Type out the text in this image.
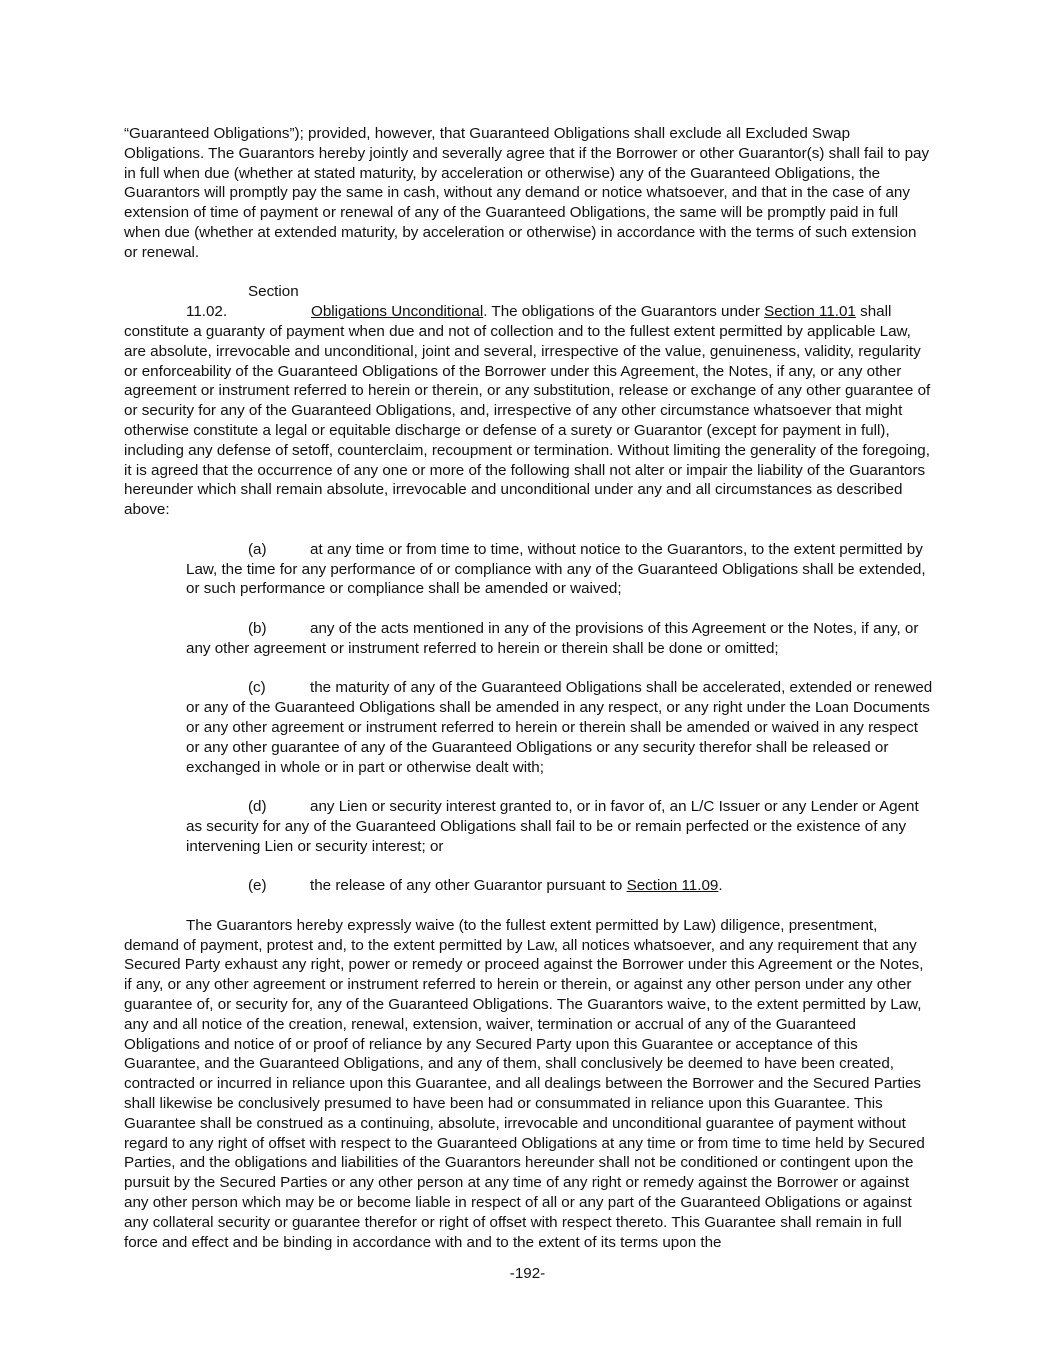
“Guaranteed Obligations”); provided, however, that Guaranteed Obligations shall exclude all Excluded Swap Obligations. The Guarantors hereby jointly and severally agree that if the Borrower or other Guarantor(s) shall fail to pay in full when due (whether at stated maturity, by acceleration or otherwise) any of the Guaranteed Obligations, the Guarantors will promptly pay the same in cash, without any demand or notice whatsoever, and that in the case of any extension of time of payment or renewal of any of the Guaranteed Obligations, the same will be promptly paid in full when due (whether at extended maturity, by acceleration or otherwise) in accordance with the terms of such extension or renewal.

Section 11.02.	Obligations Unconditional. The obligations of the Guarantors under Section 11.01 shall constitute a guaranty of payment when due and not of collection and to the fullest extent permitted by applicable Law, are absolute, irrevocable and unconditional, joint and several, irrespective of the value, genuineness, validity, regularity or enforceability of the Guaranteed Obligations of the Borrower under this Agreement, the Notes, if any, or any other agreement or instrument referred to herein or therein, or any substitution, release or exchange of any other guarantee of or security for any of the Guaranteed Obligations, and, irrespective of any other circumstance whatsoever that might otherwise constitute a legal or equitable discharge or defense of a surety or Guarantor (except for payment in full), including any defense of setoff, counterclaim, recoupment or termination. Without limiting the generality of the foregoing, it is agreed that the occurrence of any one or more of the following shall not alter or impair the liability of the Guarantors hereunder which shall remain absolute, irrevocable and unconditional under any and all circumstances as described above:

(a)	at any time or from time to time, without notice to the Guarantors, to the extent permitted by Law, the time for any performance of or compliance with any of the Guaranteed Obligations shall be extended, or such performance or compliance shall be amended or waived;

(b)	any of the acts mentioned in any of the provisions of this Agreement or the Notes, if any, or any other agreement or instrument referred to herein or therein shall be done or omitted;

(c)	the maturity of any of the Guaranteed Obligations shall be accelerated, extended or renewed or any of the Guaranteed Obligations shall be amended in any respect, or any right under the Loan Documents or any other agreement or instrument referred to herein or therein shall be amended or waived in any respect or any other guarantee of any of the Guaranteed Obligations or any security therefor shall be released or exchanged in whole or in part or otherwise dealt with;

(d)	any Lien or security interest granted to, or in favor of, an L/C Issuer or any Lender or Agent as security for any of the Guaranteed Obligations shall fail to be or remain perfected or the existence of any intervening Lien or security interest; or

(e)	the release of any other Guarantor pursuant to Section 11.09.

The Guarantors hereby expressly waive (to the fullest extent permitted by Law) diligence, presentment, demand of payment, protest and, to the extent permitted by Law, all notices whatsoever, and any requirement that any Secured Party exhaust any right, power or remedy or proceed against the Borrower under this Agreement or the Notes, if any, or any other agreement or instrument referred to herein or therein, or against any other person under any other guarantee of, or security for, any of the Guaranteed Obligations. The Guarantors waive, to the extent permitted by Law, any and all notice of the creation, renewal, extension, waiver, termination or accrual of any of the Guaranteed Obligations and notice of or proof of reliance by any Secured Party upon this Guarantee or acceptance of this Guarantee, and the Guaranteed Obligations, and any of them, shall conclusively be deemed to have been created, contracted or incurred in reliance upon this Guarantee, and all dealings between the Borrower and the Secured Parties shall likewise be conclusively presumed to have been had or consummated in reliance upon this Guarantee. This Guarantee shall be construed as a continuing, absolute, irrevocable and unconditional guarantee of payment without regard to any right of offset with respect to the Guaranteed Obligations at any time or from time to time held by Secured Parties, and the obligations and liabilities of the Guarantors hereunder shall not be conditioned or contingent upon the pursuit by the Secured Parties or any other person at any time of any right or remedy against the Borrower or against any other person which may be or become liable in respect of all or any part of the Guaranteed Obligations or against any collateral security or guarantee therefor or right of offset with respect thereto. This Guarantee shall remain in full force and effect and be binding in accordance with and to the extent of its terms upon the

-192-
